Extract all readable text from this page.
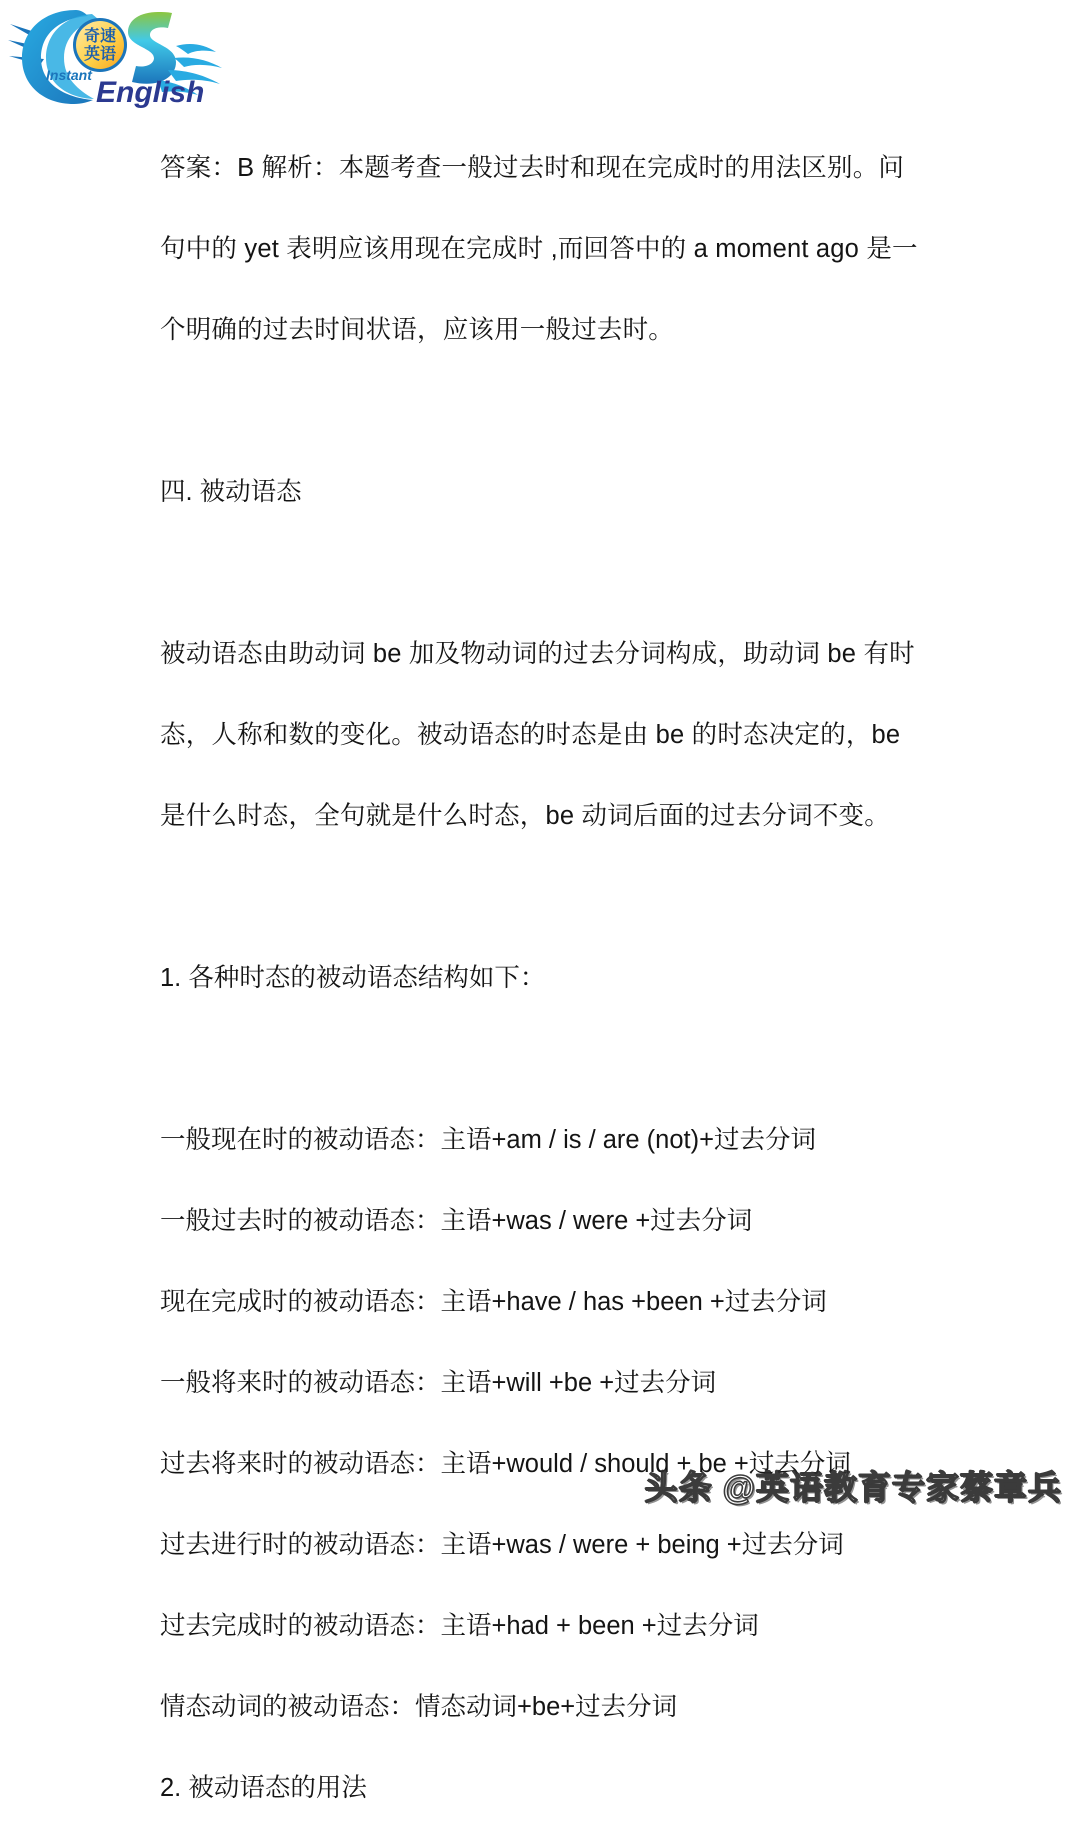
奇速
英语
Instant
English
答案：B 解析：本题考查一般过去时和现在完成时的用法区别。问句中的 yet 表明应该用现在完成时 ,而回答中的 a moment ago 是一个明确的过去时间状语，应该用一般过去时。
四. 被动语态
被动语态由助动词 be 加及物动词的过去分词构成，助动词 be 有时态，人称和数的变化。被动语态的时态是由 be 的时态决定的，be 是什么时态，全句就是什么时态，be 动词后面的过去分词不变。
1. 各种时态的被动语态结构如下：
一般现在时的被动语态：主语+am / is / are (not)+过去分词
一般过去时的被动语态：主语+was / were +过去分词
现在完成时的被动语态：主语+have / has +been +过去分词
一般将来时的被动语态：主语+will +be +过去分词
过去将来时的被动语态：主语+would / should + be +过去分词
过去进行时的被动语态：主语+was / were + being +过去分词
过去完成时的被动语态：主语+had + been +过去分词
情态动词的被动语态：情态动词+be+过去分词
2. 被动语态的用法
头条 @英语教育专家蔡章兵
